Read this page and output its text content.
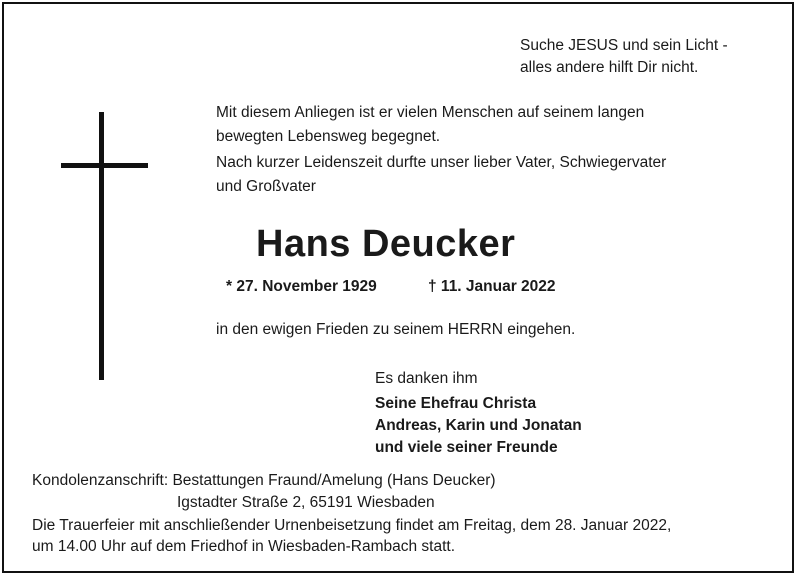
Suche JESUS und sein Licht -

alles andere hilft Dir nicht.

Mit diesem Anliegen ist er vielen Menschen auf seinem langen

bewegten Lebensweg begegnet.

Nach kurzer Leidenszeit durfte unser lieber Vater, Schwiegervater

und Großvater

Hans Deucker

* 27. November 1929	† 11. Januar 2022

in den ewigen Frieden zu seinem HERRN eingehen.

Es danken ihm

Seine Ehefrau Christa

Andreas, Karin und Jonatan

und viele seiner Freunde

Kondolenzanschrift: Bestattungen Fraund/Amelung (Hans Deucker)

Igstadter Straße 2, 65191 Wiesbaden

Die Trauerfeier mit anschließender Urnenbeisetzung findet am Freitag, dem 28. Januar 2022,

um 14.00 Uhr auf dem Friedhof in Wiesbaden-Rambach statt.
